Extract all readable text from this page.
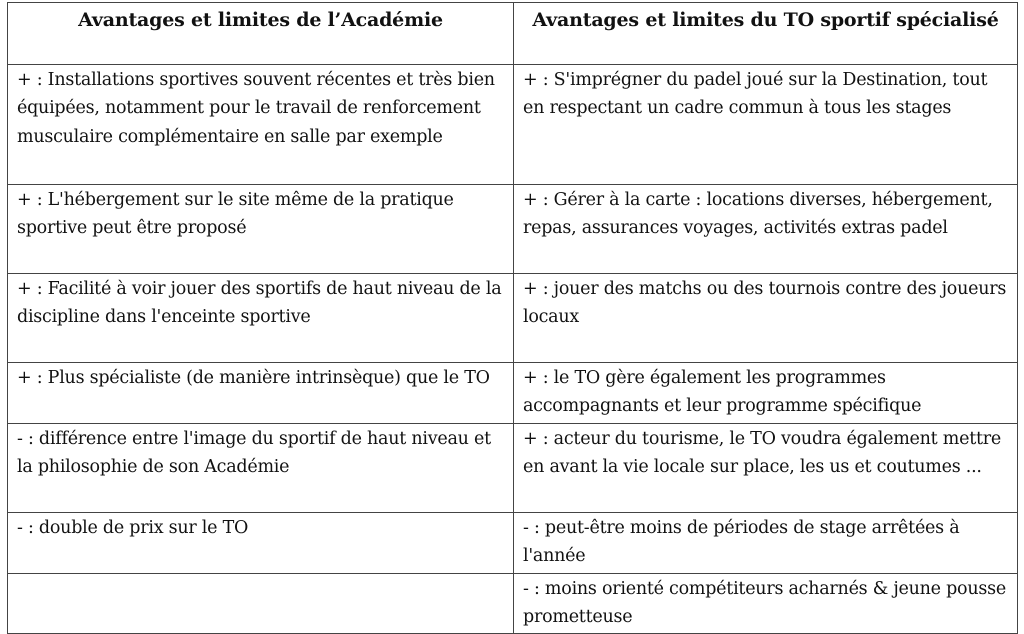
Avantages et limites de l’Académie	Avantages et limites du TO sportif spécialisé
+ : Installations sportives souvent récentes et très bien équipées, notamment pour le travail de renforcement musculaire complémentaire en salle par exemple	+ : S'imprégner du padel joué sur la Destination, tout en respectant un cadre commun à tous les stages
+ : L'hébergement sur le site même de la pratique sportive peut être proposé	+ : Gérer à la carte : locations diverses, hébergement, repas, assurances voyages, activités extras padel
+ : Facilité à voir jouer des sportifs de haut niveau de la discipline dans l'enceinte sportive	+ : jouer des matchs ou des tournois contre des joueurs locaux
+ : Plus spécialiste (de manière intrinsèque) que le TO	+ : le TO gère également les programmes accompagnants et leur programme spécifique
- : différence entre l'image du sportif de haut niveau et la philosophie de son Académie	+ : acteur du tourisme, le TO voudra également mettre en avant la vie locale sur place, les us et coutumes ...
- : double de prix sur le TO	- : peut-être moins de périodes de stage arrêtées à l'année
	- : moins orienté compétiteurs acharnés & jeune pousse prometteuse
